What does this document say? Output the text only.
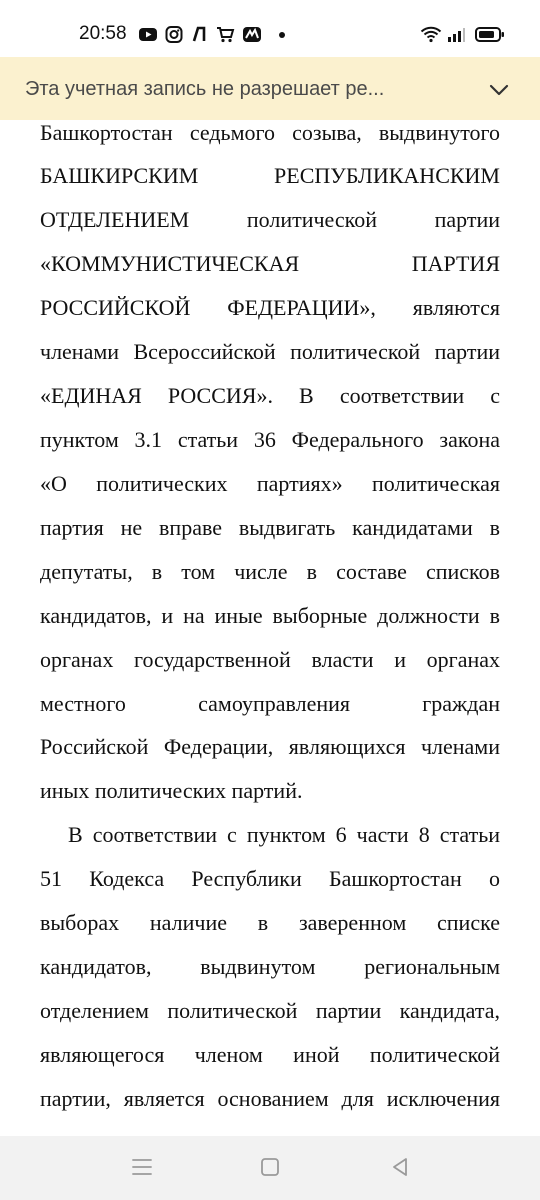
20:58
Эта учетная запись не разрешает ре...
Башкортостан седьмого созыва, выдвинутого
БАШКИРСКИМ РЕСПУБЛИКАНСКИМ
ОТДЕЛЕНИЕМ политической партии
«КОММУНИСТИЧЕСКАЯ ПАРТИЯ
РОССИЙСКОЙ ФЕДЕРАЦИИ», являются
членами Всероссийской политической партии
«ЕДИНАЯ РОССИЯ». В соответствии с
пунктом 3.1 статьи 36 Федерального закона
«О политических партиях» политическая
партия не вправе выдвигать кандидатами в
депутаты, в том числе в составе списков
кандидатов, и на иные выборные должности в
органах государственной власти и органах
местного самоуправления граждан
Российской Федерации, являющихся членами
иных политических партий.
В соответствии с пунктом 6 части 8 статьи
51 Кодекса Республики Башкортостан о
выборах наличие в заверенном списке
кандидатов, выдвинутом региональным
отделением политической партии кандидата,
являющегося членом иной политической
партии, является основанием для исключения
